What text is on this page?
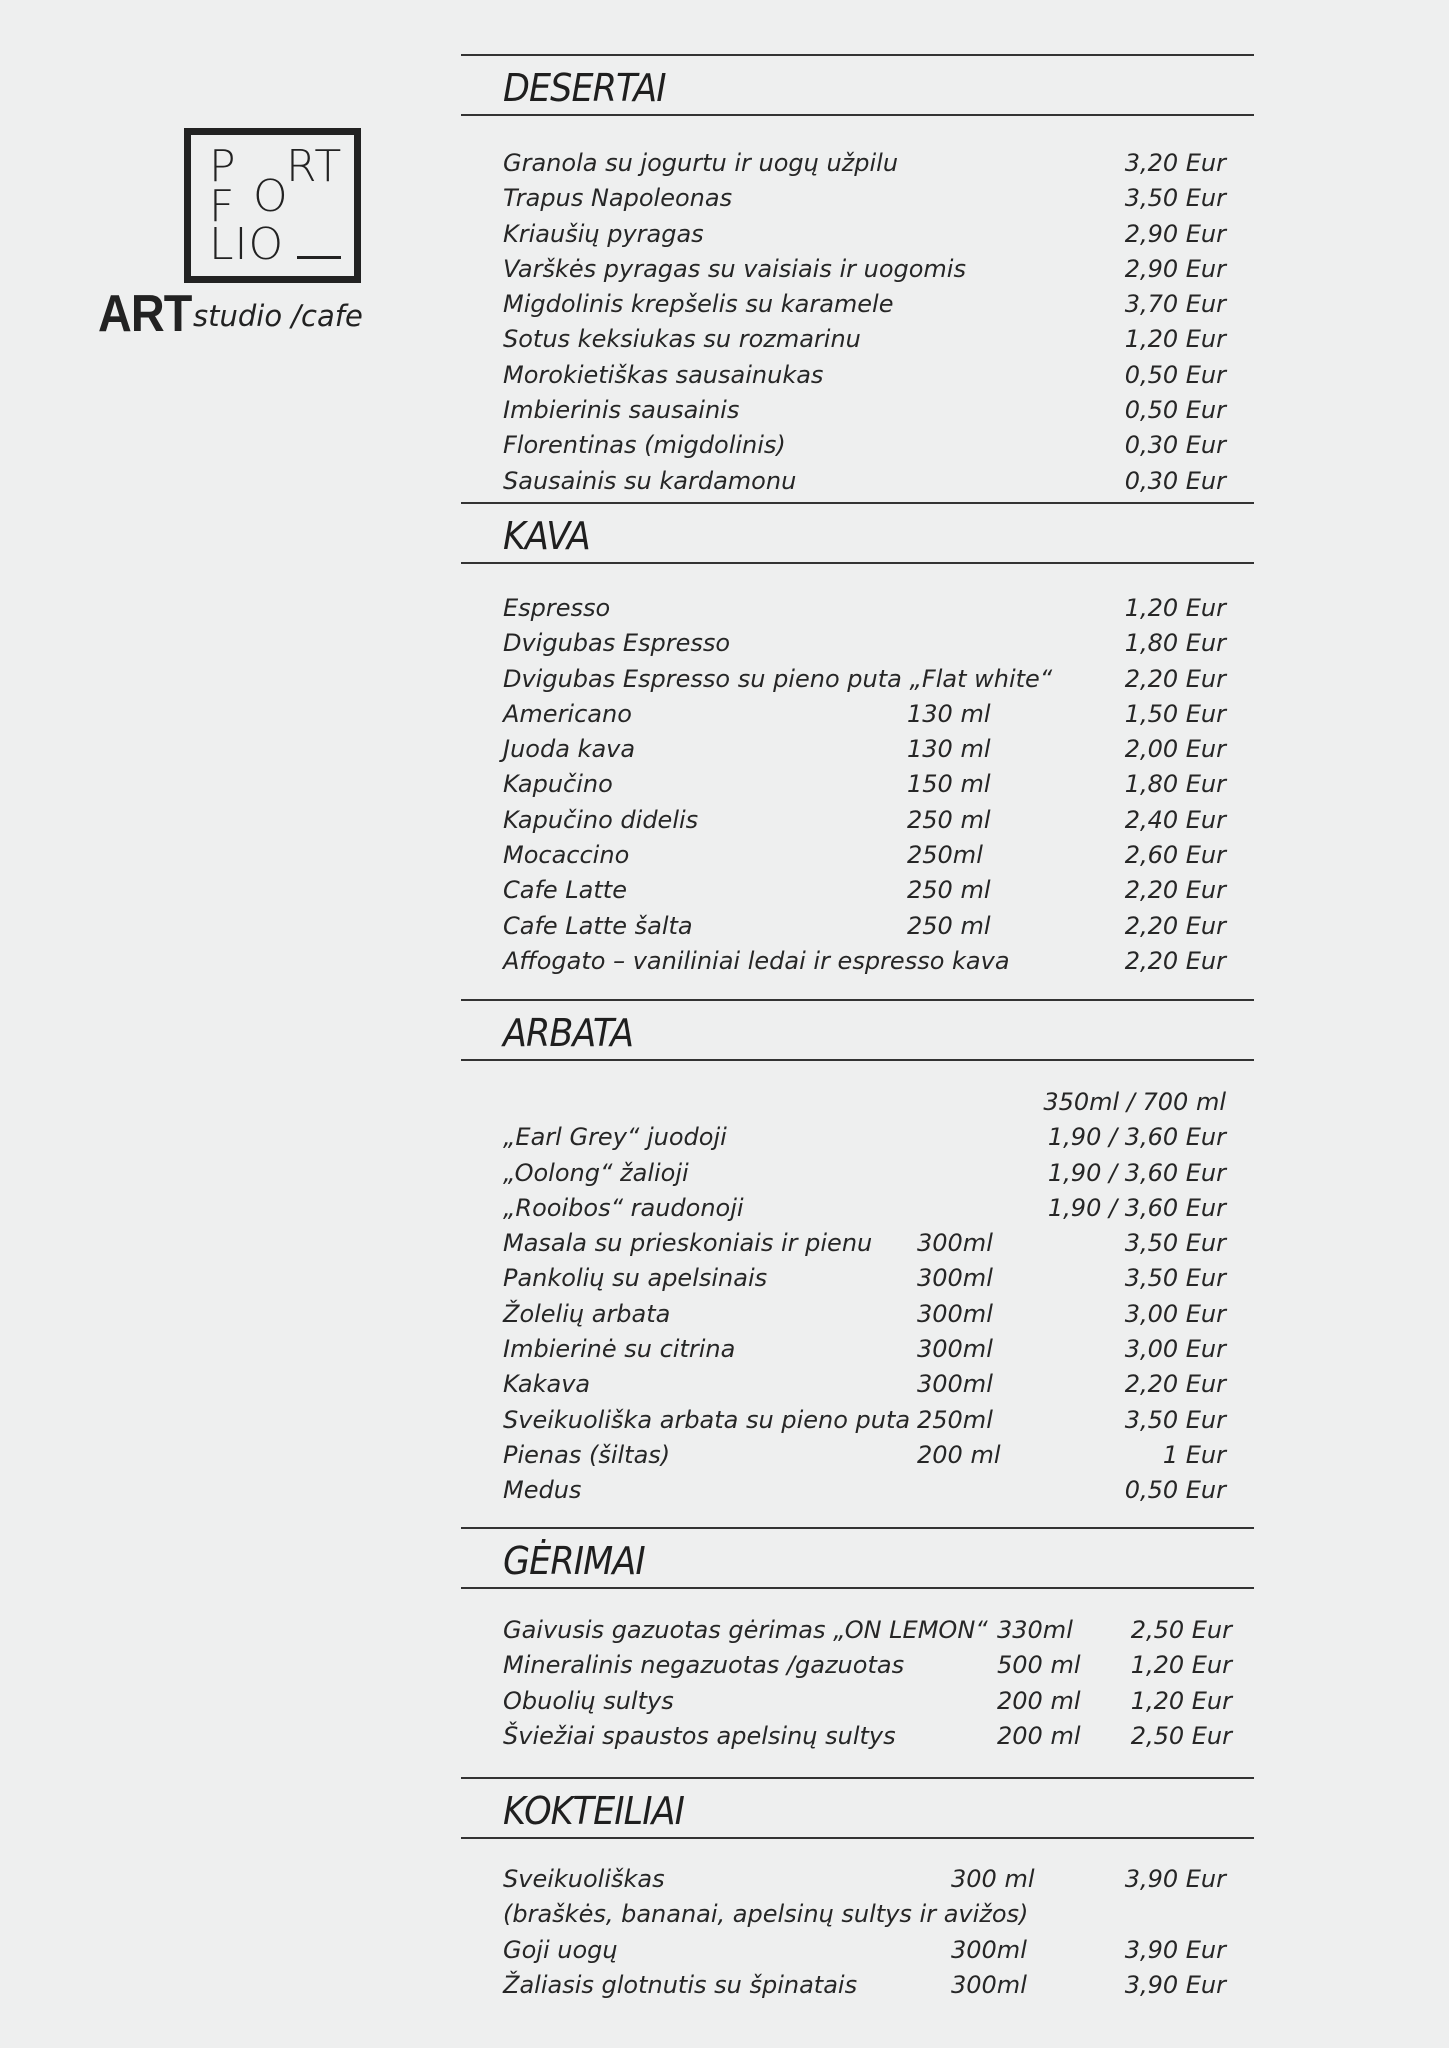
P RT
O
F
LIO
ART studio /cafe
DESERTAI
Granola su jogurtu ir uogų užpilu	3,20 Eur
Trapus Napoleonas	3,50 Eur
Kriaušių pyragas	2,90 Eur
Varškės pyragas su vaisiais ir uogomis	2,90 Eur
Migdolinis krepšelis su karamele	3,70 Eur
Sotus keksiukas su rozmarinu	1,20 Eur
Morokietiškas sausainukas	0,50 Eur
Imbierinis sausainis	0,50 Eur
Florentinas (migdolinis)	0,30 Eur
Sausainis su kardamonu	0,30 Eur
KAVA
Espresso	1,20 Eur
Dvigubas Espresso	1,80 Eur
Dvigubas Espresso su pieno puta „Flat white“	2,20 Eur
Americano	130 ml	1,50 Eur
Juoda kava	130 ml	2,00 Eur
Kapučino	150 ml	1,80 Eur
Kapučino didelis	250 ml	2,40 Eur
Mocaccino	250ml	2,60 Eur
Cafe Latte	250 ml	2,20 Eur
Cafe Latte šalta	250 ml	2,20 Eur
Affogato – vaniliniai ledai ir espresso kava	2,20 Eur
ARBATA
350ml / 700 ml
„Earl Grey“ juodoji	1,90 / 3,60 Eur
„Oolong“ žalioji	1,90 / 3,60 Eur
„Rooibos“ raudonoji	1,90 / 3,60 Eur
Masala su prieskoniais ir pienu 300ml	3,50 Eur
Pankolių su apelsinais	300ml	3,50 Eur
Žolelių arbata	300ml	3,00 Eur
Imbierinė su citrina	300ml	3,00 Eur
Kakava	300ml	2,20 Eur
Sveikuoliška arbata su pieno puta 250ml	3,50 Eur
Pienas (šiltas)	200 ml	1 Eur
Medus	0,50 Eur
GĖRIMAI
Gaivusis gazuotas gėrimas „ON LEMON“ 330ml 2,50 Eur
Mineralinis negazuotas /gazuotas	500 ml 1,20 Eur
Obuolių sultys	200 ml 1,20 Eur
Šviežiai spaustos apelsinų sultys	200 ml 2,50 Eur
KOKTEILIAI
Sveikuoliškas	300 ml	3,90 Eur
(braškės, bananai, apelsinų sultys ir avižos)
Goji uogų	300ml	3,90 Eur
Žaliasis glotnutis su špinatais	300ml	3,90 Eur
